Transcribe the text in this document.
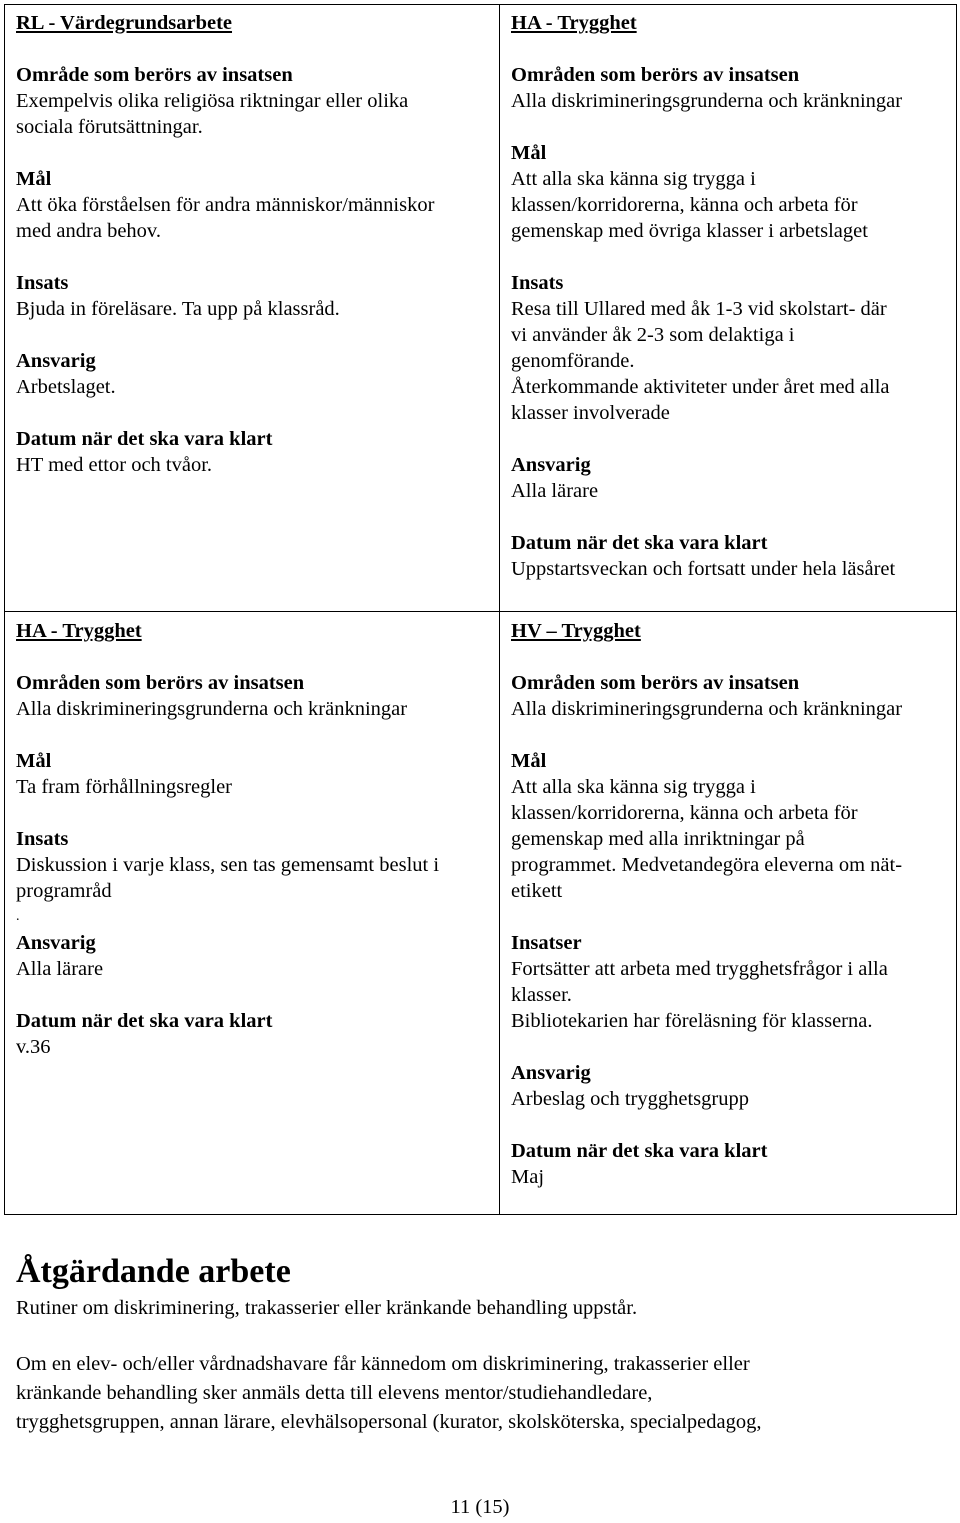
RL - Värdegrundsarbete

Område som berörs av insatsen

Exempelvis olika religiösa riktningar eller olika

sociala förutsättningar.

Mål

Att öka förståelsen för andra människor/människor

med andra behov.

Insats

Bjuda in föreläsare. Ta upp på klassråd.

Ansvarig

Arbetslaget.

Datum när det ska vara klart

HT med ettor och tvåor.

HA - Trygghet

Områden som berörs av insatsen

Alla diskrimineringsgrunderna och kränkningar

Mål

Att alla ska känna sig trygga i

klassen/korridorerna, känna och arbeta för

gemenskap med övriga klasser i arbetslaget

Insats

Resa till Ullared med åk 1-3 vid skolstart- där

vi använder åk 2-3 som delaktiga i

genomförande.

Återkommande aktiviteter under året med alla

klasser involverade

Ansvarig

Alla lärare

Datum när det ska vara klart

Uppstartsveckan och fortsatt under hela läsåret

HA - Trygghet

Områden som berörs av insatsen

Alla diskrimineringsgrunderna och kränkningar

Mål

Ta fram förhållningsregler

Insats

Diskussion i varje klass, sen tas gemensamt beslut i

programråd

.

Ansvarig

Alla lärare

Datum när det ska vara klart

v.36

HV – Trygghet

Områden som berörs av insatsen

Alla diskrimineringsgrunderna och kränkningar

Mål

Att alla ska känna sig trygga i

klassen/korridorerna, känna och arbeta för

gemenskap med alla inriktningar på

programmet. Medvetandegöra eleverna om nät-

etikett

Insatser

Fortsätter att arbeta med trygghetsfrågor i alla

klasser.

Bibliotekarien har föreläsning för klasserna.

Ansvarig

Arbeslag och trygghetsgrupp

Datum när det ska vara klart

Maj

Åtgärdande arbete

Rutiner om diskriminering, trakasserier eller kränkande behandling uppstår.

Om en elev- och/eller vårdnadshavare får kännedom om diskriminering, trakasserier eller

kränkande behandling sker anmäls detta till elevens mentor/studiehandledare,

trygghetsgruppen, annan lärare, elevhälsopersonal (kurator, skolsköterska, specialpedagog,

11 (15)
